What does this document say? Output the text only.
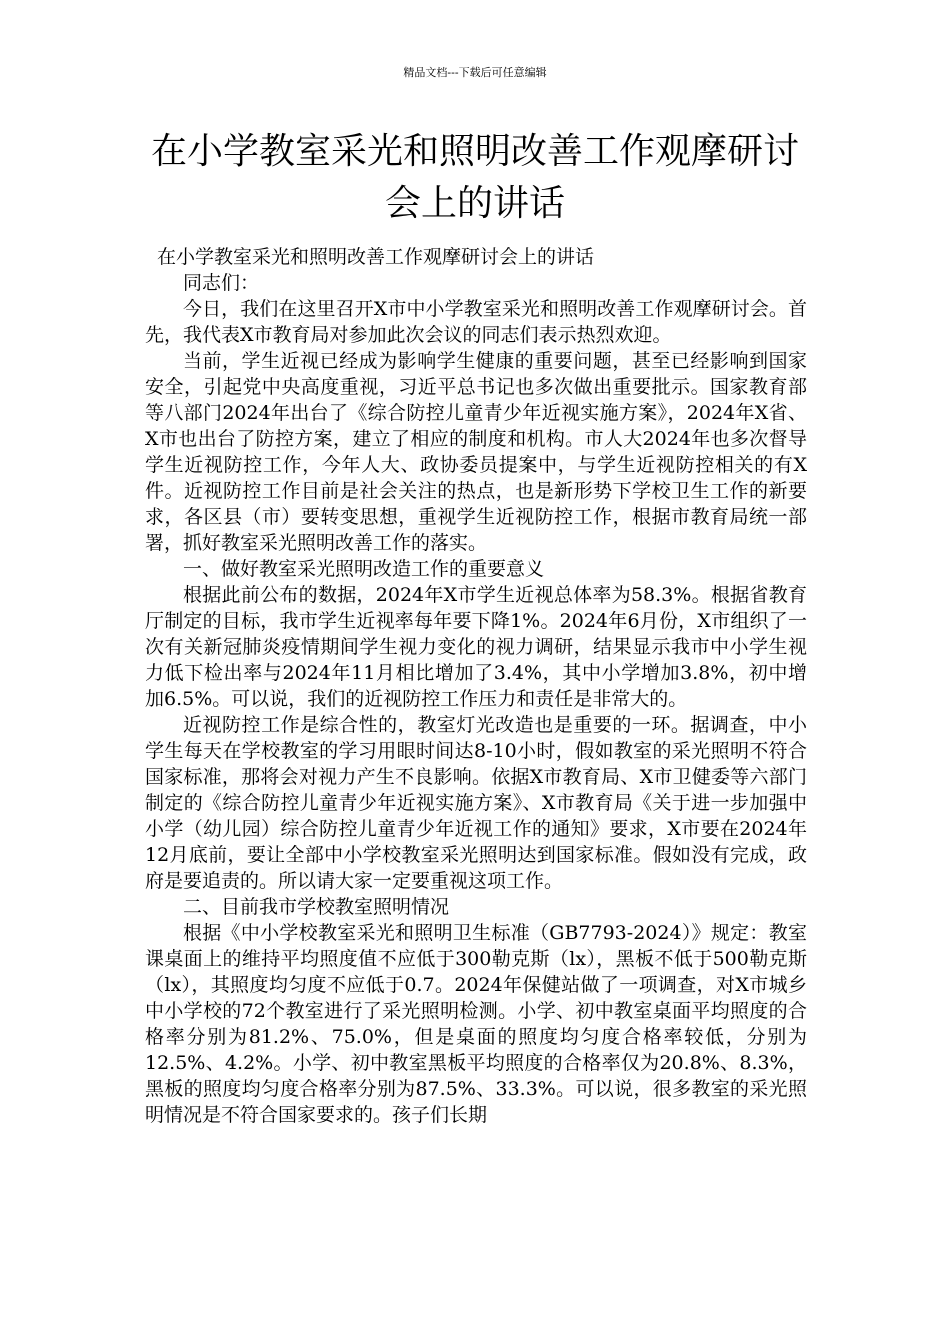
精品文档---下载后可任意编辑
在小学教室采光和照明改善工作观摩研讨会上的讲话

在小学教室采光和照明改善工作观摩研讨会上的讲话

同志们：

今日，我们在这里召开X市中小学教室采光和照明改善工作观摩研讨会。首先，我代表X市教育局对参加此次会议的同志们表示热烈欢迎。

当前，学生近视已经成为影响学生健康的重要问题，甚至已经影响到国家安全，引起党中央高度重视，习近平总书记也多次做出重要批示。国家教育部等八部门2024年出台了《综合防控儿童青少年近视实施方案》，2024年X省、X市也出台了防控方案，建立了相应的制度和机构。市人大2024年也多次督导学生近视防控工作，今年人大、政协委员提案中，与学生近视防控相关的有X件。近视防控工作目前是社会关注的热点，也是新形势下学校卫生工作的新要求，各区县（市）要转变思想，重视学生近视防控工作，根据市教育局统一部署，抓好教室采光照明改善工作的落实。

一、做好教室采光照明改造工作的重要意义

根据此前公布的数据，2024年X市学生近视总体率为58.3%。根据省教育厅制定的目标，我市学生近视率每年要下降1%。2024年6月份，X市组织了一次有关新冠肺炎疫情期间学生视力变化的视力调研，结果显示我市中小学生视力低下检出率与2024年11月相比增加了3.4%，其中小学增加3.8%，初中增加6.5%。可以说，我们的近视防控工作压力和责任是非常大的。

近视防控工作是综合性的，教室灯光改造也是重要的一环。据调查，中小学生每天在学校教室的学习用眼时间达8-10小时，假如教室的采光照明不符合国家标准，那将会对视力产生不良影响。依据X市教育局、X市卫健委等六部门制定的《综合防控儿童青少年近视实施方案》、X市教育局《关于进一步加强中小学（幼儿园）综合防控儿童青少年近视工作的通知》要求，X市要在2024年12月底前，要让全部中小学校教室采光照明达到国家标准。假如没有完成，政府是要追责的。所以请大家一定要重视这项工作。

二、目前我市学校教室照明情况

根据《中小学校教室采光和照明卫生标准（GB7793-2024）》规定：教室课桌面上的维持平均照度值不应低于300勒克斯（lx），黑板不低于500勒克斯（lx），其照度均匀度不应低于0.7。2024年保健站做了一项调查，对X市城乡中小学校的72个教室进行了采光照明检测。小学、初中教室桌面平均照度的合格率分别为81.2%、75.0%，但是桌面的照度均匀度合格率较低，分别为12.5%、4.2%。小学、初中教室黑板平均照度的合格率仅为20.8%、8.3%，黑板的照度均匀度合格率分别为87.5%、33.3%。可以说，很多教室的采光照明情况是不符合国家要求的。孩子们长期
